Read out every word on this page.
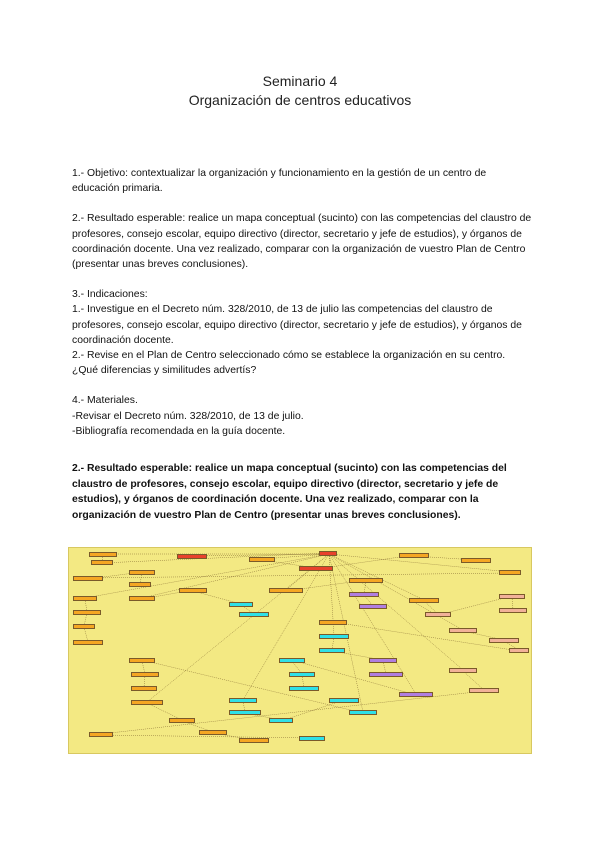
Seminario 4
Organización de centros educativos

1.- Objetivo: contextualizar la organización y funcionamiento en la gestión de un centro de educación primaria.

2.- Resultado esperable: realice un mapa conceptual (sucinto) con las competencias del claustro de profesores, consejo escolar, equipo directivo (director, secretario y jefe de estudios), y órganos de coordinación docente. Una vez realizado, comparar con la organización de vuestro Plan de Centro (presentar unas breves conclusiones).

3.- Indicaciones:

1.- Investigue en el Decreto núm. 328/2010, de 13 de julio las competencias del claustro de profesores, consejo escolar, equipo directivo (director, secretario y jefe de estudios), y órganos de coordinación docente.

2.- Revise en el Plan de Centro seleccionado cómo se establece la organización en su centro. ¿Qué diferencias y similitudes advertís?

4.- Materiales.

-Revisar el Decreto núm. 328/2010, de 13 de julio.

-Bibliografía recomendada en la guía docente.

2.- Resultado esperable: realice un mapa conceptual (sucinto) con las competencias del claustro de profesores, consejo escolar, equipo directivo (director, secretario y jefe de estudios), y órganos de coordinación docente. Una vez realizado, comparar con la organización de vuestro Plan de Centro (presentar unas breves conclusiones).
